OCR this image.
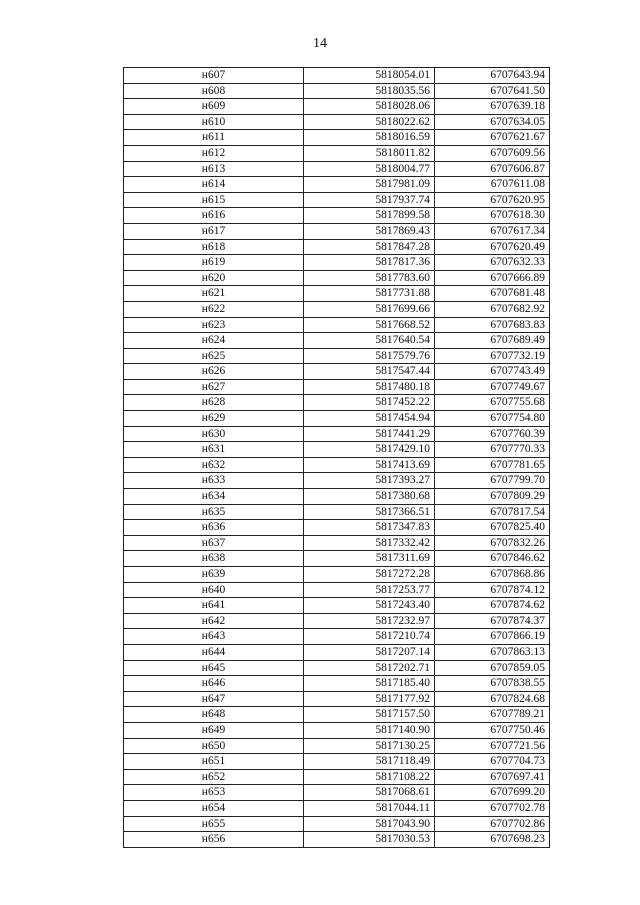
14
н607	5818054.01	6707643.94
н608	5818035.56	6707641.50
н609	5818028.06	6707639.18
н610	5818022.62	6707634.05
н611	5818016.59	6707621.67
н612	5818011.82	6707609.56
н613	5818004.77	6707606.87
н614	5817981.09	6707611.08
н615	5817937.74	6707620.95
н616	5817899.58	6707618.30
н617	5817869.43	6707617.34
н618	5817847.28	6707620.49
н619	5817817.36	6707632.33
н620	5817783.60	6707666.89
н621	5817731.88	6707681.48
н622	5817699.66	6707682.92
н623	5817668.52	6707683.83
н624	5817640.54	6707689.49
н625	5817579.76	6707732.19
н626	5817547.44	6707743.49
н627	5817480.18	6707749.67
н628	5817452.22	6707755.68
н629	5817454.94	6707754.80
н630	5817441.29	6707760.39
н631	5817429.10	6707770.33
н632	5817413.69	6707781.65
н633	5817393.27	6707799.70
н634	5817380.68	6707809.29
н635	5817366.51	6707817.54
н636	5817347.83	6707825.40
н637	5817332.42	6707832.26
н638	5817311.69	6707846.62
н639	5817272.28	6707868.86
н640	5817253.77	6707874.12
н641	5817243.40	6707874.62
н642	5817232.97	6707874.37
н643	5817210.74	6707866.19
н644	5817207.14	6707863.13
н645	5817202.71	6707859.05
н646	5817185.40	6707838.55
н647	5817177.92	6707824.68
н648	5817157.50	6707789.21
н649	5817140.90	6707750.46
н650	5817130.25	6707721.56
н651	5817118.49	6707704.73
н652	5817108.22	6707697.41
н653	5817068.61	6707699.20
н654	5817044.11	6707702.78
н655	5817043.90	6707702.86
н656	5817030.53	6707698.23
